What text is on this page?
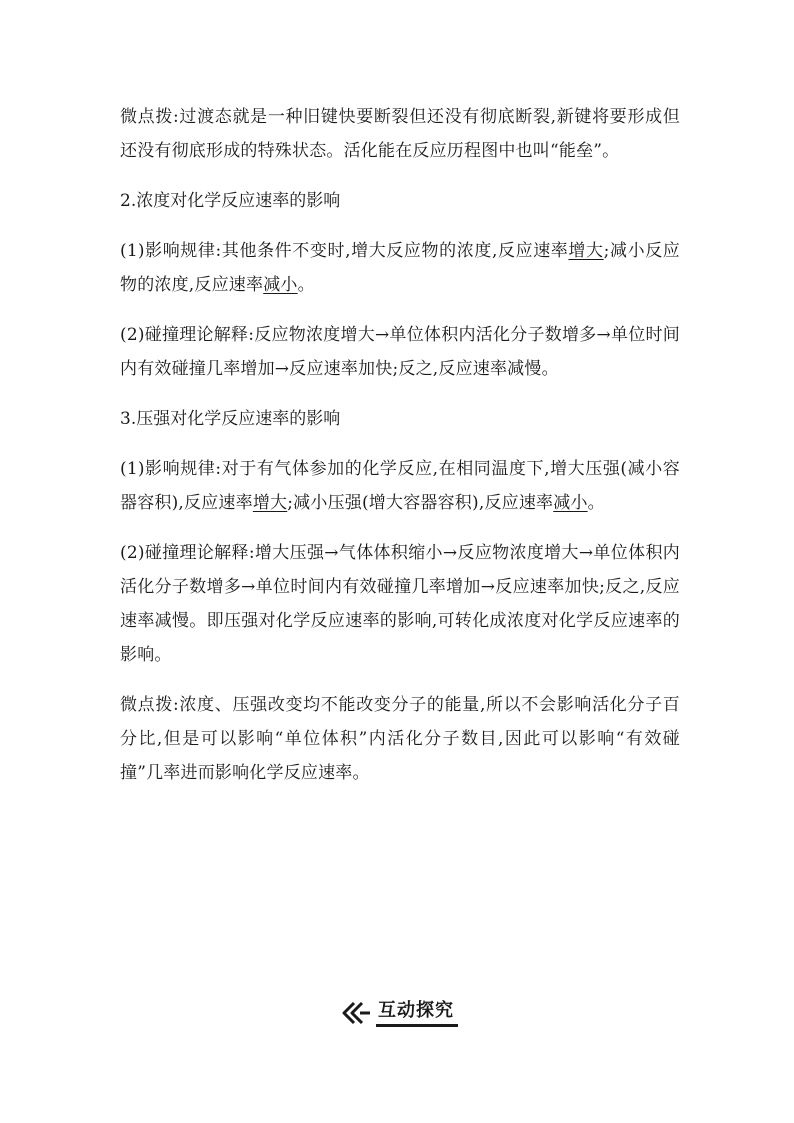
微点拨:过渡态就是一种旧键快要断裂但还没有彻底断裂,新键将要形成但还没有彻底形成的特殊状态。活化能在反应历程图中也叫“能垒”。

2.浓度对化学反应速率的影响

(1)影响规律:其他条件不变时,增大反应物的浓度,反应速率增大;减小反应物的浓度,反应速率减小。

(2)碰撞理论解释:反应物浓度增大→单位体积内活化分子数增多→单位时间内有效碰撞几率增加→反应速率加快;反之,反应速率减慢。

3.压强对化学反应速率的影响

(1)影响规律:对于有气体参加的化学反应,在相同温度下,增大压强(减小容器容积),反应速率增大;减小压强(增大容器容积),反应速率减小。

(2)碰撞理论解释:增大压强→气体体积缩小→反应物浓度增大→单位体积内活化分子数增多→单位时间内有效碰撞几率增加→反应速率加快;反之,反应速率减慢。即压强对化学反应速率的影响,可转化成浓度对化学反应速率的影响。

微点拨:浓度、压强改变均不能改变分子的能量,所以不会影响活化分子百分比,但是可以影响“单位体积”内活化分子数目,因此可以影响“有效碰撞”几率进而影响化学反应速率。

互动探究
